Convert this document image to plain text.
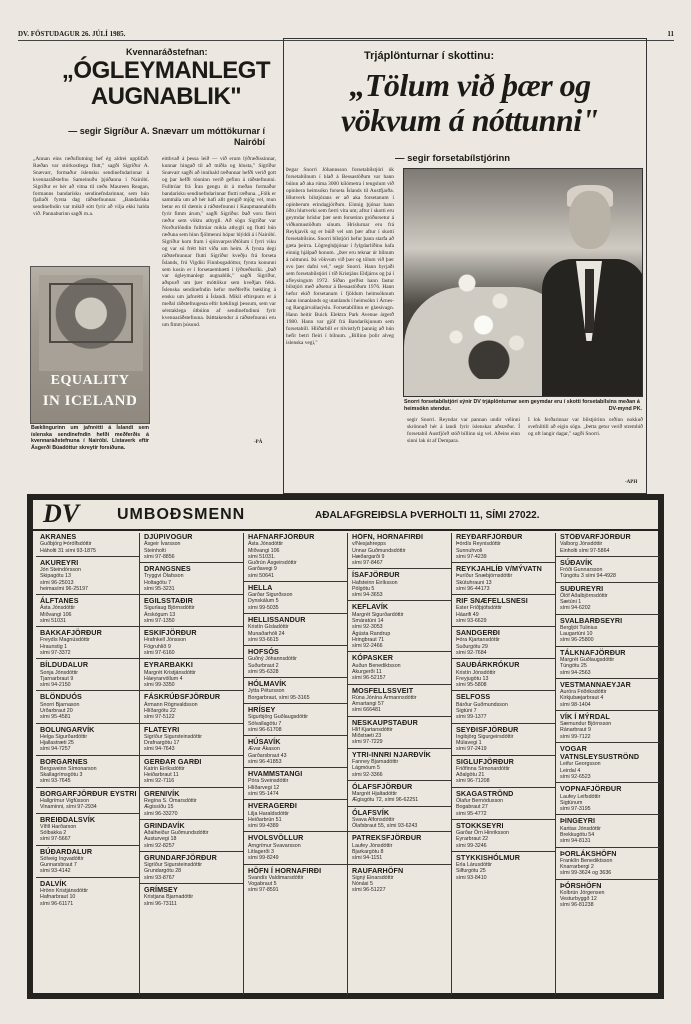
DV. FÖSTUDAGUR 26. JÚLÍ 1985.	11
Kvennaráðstefnan:
„ÓGLEYMANLEGT AUGNABLIK"
— segir Sigríður A. Snævarr um móttökurnar í Nairóbí
„Annan eins ræðuflutning hef ég aldrei upplifað. Ræðan var stórkostlega flutt," sagði Sigríður A. Snævarr, formaður íslensku sendinefndarinnar á kvennaráðstefnu Sameinuðu þjóðanna í Nairóbí. Sigríður er hér að vitna til ræðu Maureen Reagan, formanns bandarísku sendinefndarinnar, sem hún fjallaði fyrsta dag ráðstefnunnar. „Bandaríska sendinefndin var mikið sótt fyrir að vilja ekki halda við. Pannaburinn sagði m.a.
eitthvað á þessa leið — við erum lýðræðissinnar, kunnar hingað til að miðla og hlusta," Sigríður Snævarr sagði að innihald ræðunnar hefði verið gott og þar hefði tónninn verið gefinn á ráðstefnunni. Fulltrúar frá Íran gengu út á meðan formaður bandarísku sendinefndarinnar flutti ræðuna. „Fólk er sammála um að hér hafi allt gengið mjög vel, mun betur en til dæmis á ráðstefnunni í Kaupmannahöfn fyrir fimm árum," sagði Sigríður. Það voru fleiri ræður sem vöktu athygli. Að sögn Sigríðar var Norðurlöndin fulltrúar mikla athygli og flutti hún ræðuna sem hinn fjölmenni hópur hlýddi á í Nairóbí. Sigríður kom fram í sjónvarpsviðtölum í fyrri viku og var sú frétt birt víða um heim. Á fyrsta degi ráðstefnunnar flutti Sigríður kveðju frá forseta Íslands, frú Vigdísi Finnbogadóttur, fyrsta konunni sem kosin er í forsetaembætti í lýðræðisríki. „Það var ógleymanlegt augnablik," sagði Sigríður, aðspurð um þær móttökur sem kveðjan fékk. Íslenska sendinefndin hefur meðferðis bækling á ensku um jafnrétti á Íslandi. Mikil eftirspurn er á meðal ráðstefnugesta eftir bæklingi þessum, sem var sérstaklega útbúinn af sendinefndinni fyrir kvennaráðstefnuna. Þátttakendur á ráðstefnunni eru um fimm þúsund.
-PÁ
EQUALITY
IN ICELAND
Bæklingurinn um jafnrétti á Íslandi sem íslenska sendinefndin hefði meðferðis á kvennaráðstefnuna í Nairóbí. Listaverk eftir Ásgerði Búadóttur skreytir forsíðuna.
Trjáplönturnar í skottinu:
„Tölum við þær og vökvum á nóttunni"
— segir forsetabílstjórinn
Þegar Snorri Jóhannsson forsetabílstjóri ók forsetabílnum í hlað á Bessastöðum var hann búinn að aka rúma 3000 kílómetra í tengslum við opinbera heimsókn forseta Íslands til Austfjarða. Hlutverk bílstjórans er að aka forsetanum í opinberum erindagjörðum. Einnig þjónar hann öðru hlutverki sem færri vita um; aftur í skotti eru geymdar hríslur þær sem forsetinn gróðursetur á viðkomustöðum sínum. Hríslurnar eru frá Reykjavík og er búið vel um þær aftur í skotti forsetabílsins. Snorri bílstjóri hefur þann starfa að gæta þeirra. Lögregluþjónar í fylgdarliðinu hafa einnig hjálpað honum. „Þær eru teknar úr bílnum á nóttunni. Þá vökvum við þær og tölum við þær svo þær dafni vel," segir Snorri. Hann byrjaði sem forsetabílstjóri í tíð Kristjáns Eldjárns og þá í afleysingum 1972. Síðan gerðist hann fastur bílstjóri með aðsetur á Bessastöðum 1976. Hann hefur ekið forsetanum í fjöldum heimsóknum hann innanlands og utanlands í heimsókn í Árnes- og Rangárvallasýslu. Forsetabíllinn er glæsivagn. Hann heitir Buick Elektra Park Avenue árgerð 1980. Hann var gjöf frá Bandaríkjunum sem forsetabíll. Hliðarbíll er tilvistlyft þannig að hún hefir betri fleiri í bílnum. „Bíllinn þolir alveg íslenska vegi,"
Snorri forsetabílstjóri sýnir DV trjáplönturnar sem geymdar eru í skotti forsetabílsins meðan á heimsókn stendur.	DV-mynd PK.
segir Snorri. Reyndar var pannan undir vélinni skrönnuð hér á landi fyrir íslenskar aðstæður. Í forsetabíl Austfjörð stóð bíllinn sig vel. Aðeins einn sinni lak út af Dempara.
Í lok ferðarinnar var bílstjórinn orðinn nokkuð svefnlítill að eigin sögn. „Þetta getur verið strembið og oft langir dagar," sagði Snorri.
-APH
DV	UMBOÐSMENN	AÐALAFGREIÐSLA ÞVERHOLTI 11, SÍMI 27022.
AKRANES
Guðbjörg Þórólfsdóttir
Háholti 31 sími 93-1875
AKUREYRI
Jón Steindórsson
Skipagötu 13
sími 96-25013
heimasími 96-25197
ÁLFTANES
Ásta Jónsdóttir
Miðvangi 106
sími 51031
BAKKAFJÖRÐUR
Freydís Magnúsdóttir
Hraunstig 1
sími 97-3372
BÍLDUDALUR
Sonja Jónsdóttir
Tjarnarbraut 9
sími 94-2150
BLÖNDUÓS
Snorri Bjarnason
Urðarbraut 20
sími 95-4581
BOLUNGARVÍK
Helga Sigurðardóttir
Hjallastræti 25
sími 94-7257
BORGARNES
Bergsveinn Símonarson
Skallagrímsgötu 3
sími 93-7645
BORGARFJÖRÐUR EYSTRI
Hallgrímur Vigfússon
Vinaminni, sími 97-2934
BREIÐDALSVÍK
Vífill Harðarson
Sólbakka 2
sími 97-5667
BÚÐARDALUR
Sólveig Ingvadóttir
Gunnarsbraut 7
sími 93-4142
DALVÍK
Hrönn Kristjánsdóttir
Hafnarbraut 10
sími 96-61171
DJÚPIVOGUR
Ásgeir Ívarsson
Steinholti
sími 97-8856
DRANGSNES
Tryggvi Ólafsson
Holtagötu 7
sími 95-3231
EGILSSTAÐIR
Sigurlaug Björnsdóttir
Árskógum 13
sími 97-1350
ESKIFJÖRÐUR
Hrafnkell Jónsson
Fögruhlíð 9
sími 97-6160
EYRARBAKKI
Margrét Kristjánsdóttir
Háeyrarvöllum 4
sími 99-3350
FÁSKRÚÐSFJÖRÐUR
Ármann Rögnvaldsson
Hlíðargötu 22
sími 97-5122
FLATEYRI
Sigríður Sigursteinsdóttir
Drafnargötu 17
sími 94-7643
GERÐAR GARÐI
Katrín Eiríksdóttir
Heiðarbraut 11
sími 92-7116
GRENIVÍK
Regína S. Ómarsdóttir
Ægissíðu 15
sími 96-33270
GRINDAVÍK
Aðalheiður Guðmundsdóttir
Austurvegi 18
sími 92-8257
GRUNDARFJÖRÐUR
Sigríður Sigursteinsdóttir
Grundargötu 28
sími 93-8767
GRÍMSEY
Kristjana Bjarnadóttir
sími 96-73111
HAFNARFJÖRÐUR
Ásta Jónsdóttir
Miðvangi 106
sími 51031.
Guðrún Ásgeirsdóttir
Garðavegi 9
sími 50641
HELLA
Garðar Sigurðsson
Dynskálum 5
sími 99-5035
HELLISSANDUR
Kristín Gísladóttir
Munaðarhóli 24
sími 93-6615
HOFSÓS
Guðný Jóhannsdóttir
Suðurbraut 2
sími 95-6328
HÓLMAVÍK
Jytta Pétursson
Borgarbraut, sími 95-3165
HRÍSEY
Sigurbjörg Guðlaugsdóttir
Sólvallagötu 7
sími 96-61708
HÚSAVÍK
Ævar Ákason
Garðarsbraut 43
sími 96-41853
HVAMMSTANGI
Póra Sveinsdóttir
Hlíðarvegi 12
sími 95-1474
HVERAGERÐI
Lilja Haraldsdóttir
Heiðarbrún 51
sími 99-4389
HVOLSVÖLLUR
Arngrímur Svavarsson
Litlagerði 3
sími 99-8249
HÖFN Í HORNAFIRÐI
Svandís Valdimarsdóttir
Vogabraut 5
sími 97-8591
HÖFN, HORNAFIRÐI
v/Nesjahrepps
Unnar Guðmundsdóttir
Hæðargarði 9
sími 97-8467
ÍSAFJÖRÐUR
Hafsteinn Eiríksson
Pólgötu 5
sími 94-3653
KEFLAVÍK
Margrét Sigurðardóttir
Smáratúni 14
sími 92-3053
Ágústa Randrup
Hringbraut 71
sími 92-2466
KÓPASKER
Auðun Benediktsson
Akurgerði 11
sími 96-52157
MOSFELLSSVEIT
Rúna Jónína Ármannsdóttir
Arnartangi 57
sími 666481
NESKAUPSTAÐUR
Hlíf Kjartansdóttir
Miðstræti 23
sími 97-7229
YTRI-INNRI NJARÐVÍK
Fanney Bjarnadóttir
Lágmóum 5
sími 92-3366
ÓLAFSFJÖRÐUR
Margrét Hjaltadóttir
Ægisgötu 72, sími 96-62251
ÓLAFSVÍK
Svava Alfonsdóttir
Ólafsbraut 55, sími 93-6243
PATREKSFJÖRÐUR
Laufey Jónsdóttir
Bjarkargötu 8
sími 94-1151
RAUFARHÖFN
Signý Einarsdóttir
Nónási 5
sími 96-51227
REYÐARFJÖRÐUR
Þórdís Reynisdóttir
Sunnuhvoli
sími 97-4239
REYKJAHLÍÐ V/MÝVATN
Þuríður Snæbjörnsdóttir
Skútuhrauni 13
sími 96-44173
RIF SNÆFELLSNESI
Ester Friðþjófsdóttir
Háarifi 49
sími 93-6629
SANDGERÐI
Þóra Kjartansdóttir
Suðurgötu 29
sími 92-7684
SAUÐÁRKRÓKUR
Kristín Jónsdóttir
Freyjugötu 13
sími 95-5808
SELFOSS
Bárður Guðmundsson
Sigtúni 7
sími 99-1377
SEYÐISFJÖRÐUR
Ingibjörg Sigurgeirsdóttir
Múlavegi 1
sími 97-2419
SIGLUFJÖRÐUR
Friðfinna Símonardóttir
Aðalgötu 21
sími 96-71208
SKAGASTRÖND
Ólafur Bernódusson
Bogabraut 27
sími 95-4772
STOKKSEYRI
Garðar Örn Hinriksson
Eyrarbraut 22
sími 99-3246
STYKKISHÓLMUR
Erla Lárusdóttir
Silfurgötu 25
sími 93-8410
STÖÐVARFJÖRÐUR
Valborg Jónsdóttir
Einholti sími 97-5864
SÚÐAVÍK
Fróði Gunnarsson
Túngötu 3 sími 94-4928
SUÐUREYRI
Ólöf Aðalbjörnsdóttir
Sætúni 1
sími 94-6202
SVALBARÐSEYRI
Bergljót Tulinius
Laugartúni 10
sími 96-25800
TÁLKNAFJÖRÐUR
Margrét Guðlaugsdóttir
Túngötu 25
sími 94-2563
VESTMANNAEYJAR
Auróra Friðriksdóttir
Kirkjubæjarbraut 4
sími 98-1404
VÍK Í MÝRDAL
Sæmundur Björnsson
Ránarbraut 9
sími 99-7122
VOGAR VATNSLEYSUSTRÖND
Leifur Georgsson
Leirdal 4
sími 92-6523
VOPNAFJÖRÐUR
Laufey Leifsdóttir
Sigtúnum
sími 97-3195
ÞINGEYRI
Karitas Jónsdóttir
Brekkugötu 54
sími 94-8131
ÞORLÁKSHÖFN
Franklín Benediktsson
Knarrarbergi 2
sími 99-3624 og 3636
ÞÓRSHÖFN
Kolbrún Jörgensen
Vesturbyggð 12
sími 96-81238
